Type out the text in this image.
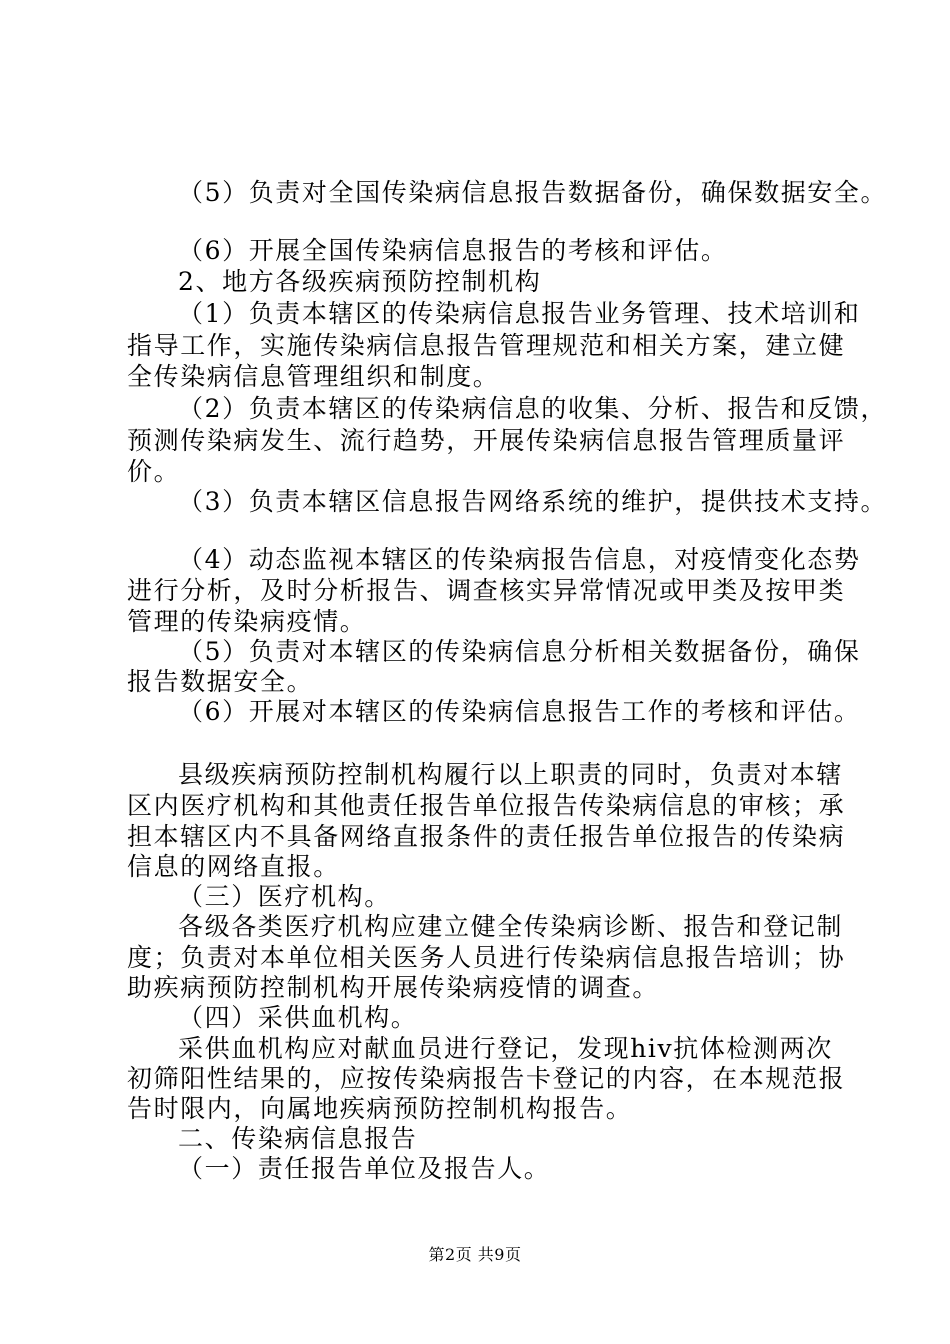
（5）负责对全国传染病信息报告数据备份，确保数据安全。
（6）开展全国传染病信息报告的考核和评估。
2、地方各级疾病预防控制机构
（1）负责本辖区的传染病信息报告业务管理、技术培训和
指导工作，实施传染病信息报告管理规范和相关方案，建立健
全传染病信息管理组织和制度。
（2）负责本辖区的传染病信息的收集、分析、报告和反馈，
预测传染病发生、流行趋势，开展传染病信息报告管理质量评
价。
（3）负责本辖区信息报告网络系统的维护，提供技术支持。
（4）动态监视本辖区的传染病报告信息，对疫情变化态势
进行分析，及时分析报告、调查核实异常情况或甲类及按甲类
管理的传染病疫情。
（5）负责对本辖区的传染病信息分析相关数据备份，确保
报告数据安全。
（6）开展对本辖区的传染病信息报告工作的考核和评估。
县级疾病预防控制机构履行以上职责的同时，负责对本辖
区内医疗机构和其他责任报告单位报告传染病信息的审核；承
担本辖区内不具备网络直报条件的责任报告单位报告的传染病
信息的网络直报。
（三）医疗机构。
各级各类医疗机构应建立健全传染病诊断、报告和登记制
度；负责对本单位相关医务人员进行传染病信息报告培训；协
助疾病预防控制机构开展传染病疫情的调查。
（四）采供血机构。
采供血机构应对献血员进行登记，发现hiv抗体检测两次
初筛阳性结果的，应按传染病报告卡登记的内容，在本规范报
告时限内，向属地疾病预防控制机构报告。
二、传染病信息报告
（一）责任报告单位及报告人。
第2页 共9页
